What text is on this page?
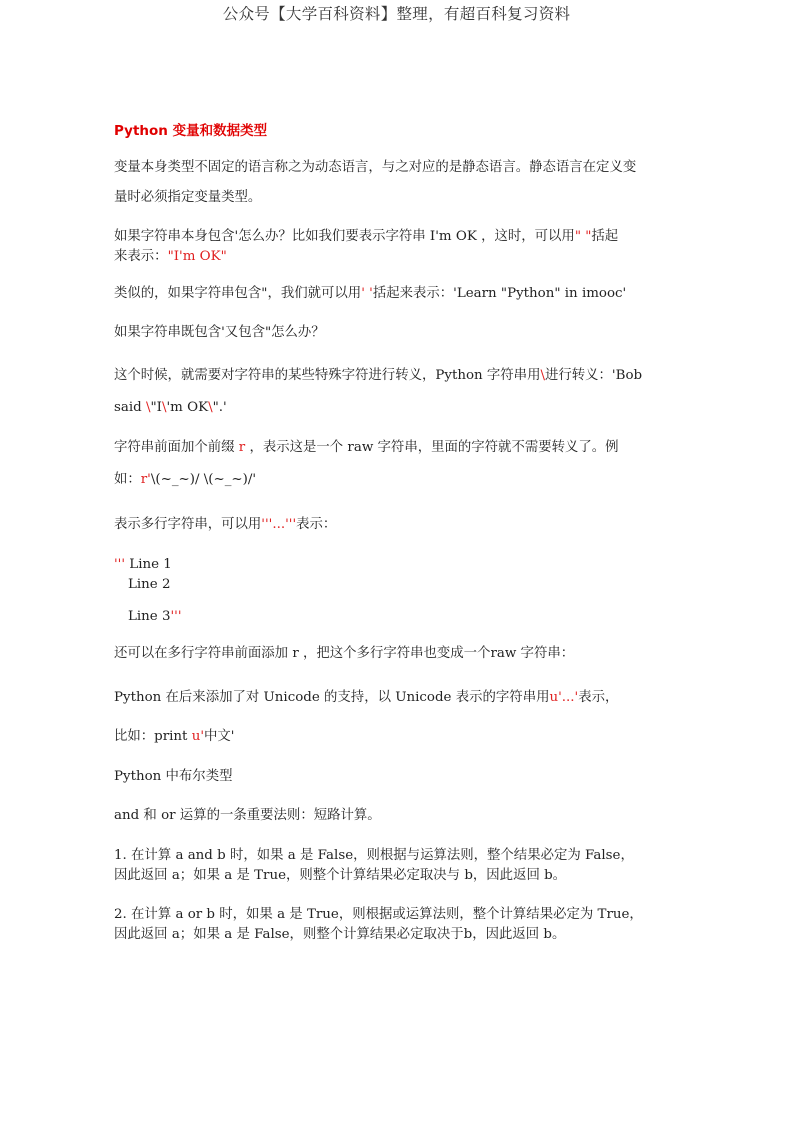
公众号【大学百科资料】整理，有超百科复习资料
Python 变量和数据类型
变量本身类型不固定的语言称之为动态语言，与之对应的是静态语言。静态语言在定义变
量时必须指定变量类型。
如果字符串本身包含'怎么办？比如我们要表示字符串 I'm OK ，这时，可以用" "括起
来表示："I'm OK"
类似的，如果字符串包含"，我们就可以用' '括起来表示：'Learn "Python" in imooc'
如果字符串既包含'又包含"怎么办？
这个时候，就需要对字符串的某些特殊字符进行转义，Python 字符串用\进行转义：'Bob
said \"I\'m OK\".'
字符串前面加个前缀 r ，表示这是一个 raw 字符串，里面的字符就不需要转义了。例
如：r'\(~_~)/ \(~_~)/'
表示多行字符串，可以用'''...'''表示：
''' Line 1
Line 2
Line 3'''
还可以在多行字符串前面添加 r ，把这个多行字符串也变成一个raw 字符串：
Python 在后来添加了对 Unicode 的支持，以 Unicode 表示的字符串用u'...'表示，
比如：print u'中文'
Python 中布尔类型
and 和 or 运算的一条重要法则：短路计算。
1. 在计算 a and b 时，如果 a 是 False，则根据与运算法则，整个结果必定为 False，
因此返回 a；如果 a 是 True，则整个计算结果必定取决与 b，因此返回 b。
2. 在计算 a or b 时，如果 a 是 True，则根据或运算法则，整个计算结果必定为 True，
因此返回 a；如果 a 是 False，则整个计算结果必定取决于b，因此返回 b。
